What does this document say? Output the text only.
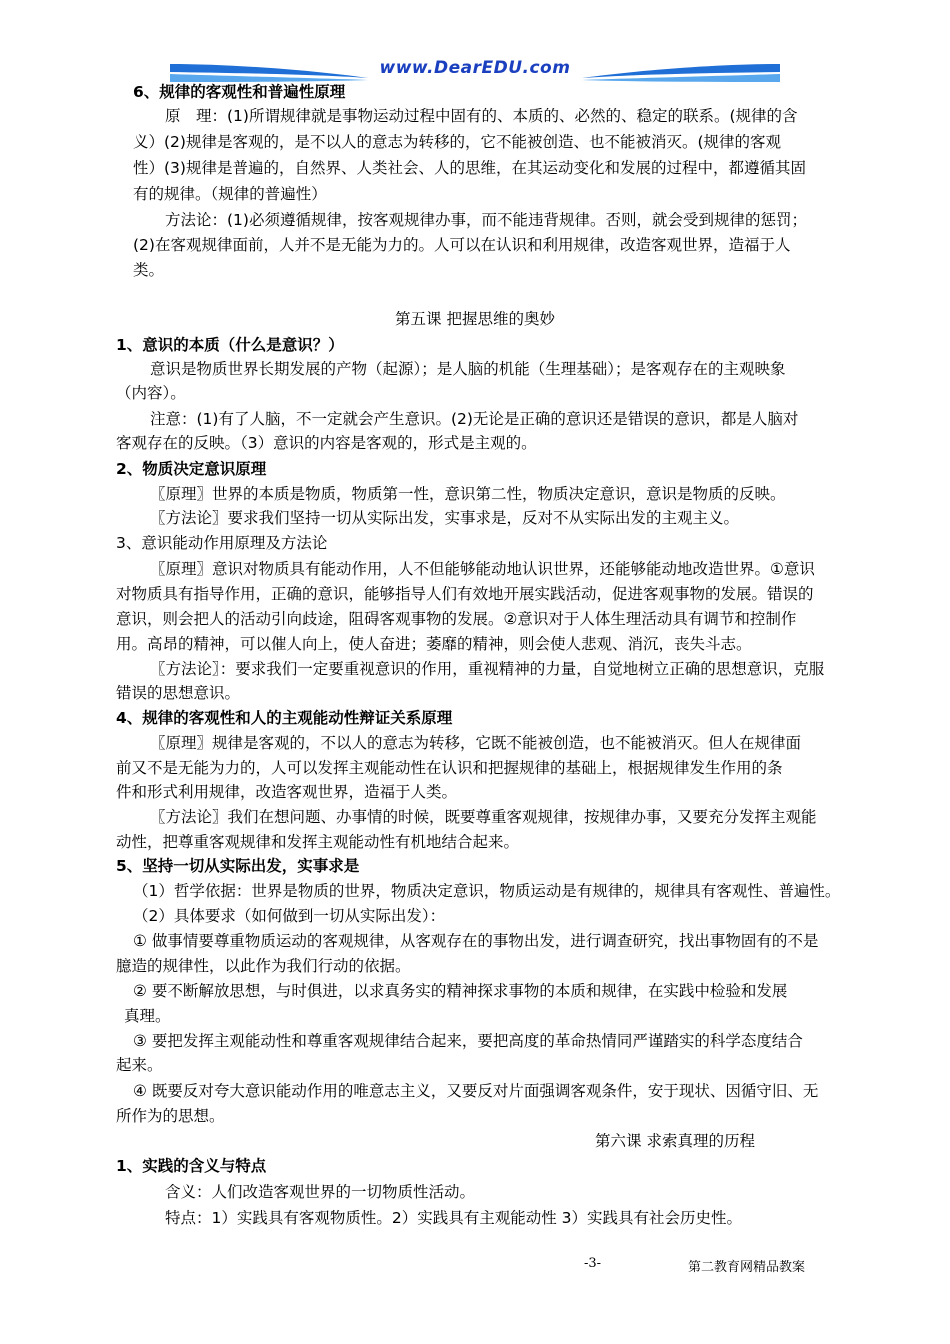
www.DearEDU.com
6、规律的客观性和普遍性原理
原　理：(1)所谓规律就是事物运动过程中固有的、本质的、必然的、稳定的联系。(规律的含
义）(2)规律是客观的，是不以人的意志为转移的，它不能被创造、也不能被消灭。(规律的客观
性）(3)规律是普遍的，自然界、人类社会、人的思维，在其运动变化和发展的过程中，都遵循其固
有的规律。（规律的普遍性）
方法论：(1)必须遵循规律，按客观规律办事，而不能违背规律。否则，就会受到规律的惩罚；
(2)在客观规律面前，人并不是无能为力的。人可以在认识和利用规律，改造客观世界，造福于人
类。
第五课 把握思维的奥妙
1、意识的本质（什么是意识？）
意识是物质世界长期发展的产物（起源）；是人脑的机能（生理基础）；是客观存在的主观映象
（内容）。
注意：(1)有了人脑，不一定就会产生意识。(2)无论是正确的意识还是错误的意识，都是人脑对
客观存在的反映。（3）意识的内容是客观的，形式是主观的。
2、物质决定意识原理
〖原理〗世界的本质是物质，物质第一性，意识第二性，物质决定意识，意识是物质的反映。
〖方法论〗要求我们坚持一切从实际出发，实事求是，反对不从实际出发的主观主义。
3、意识能动作用原理及方法论
〖原理〗意识对物质具有能动作用，人不但能够能动地认识世界，还能够能动地改造世界。①意识
对物质具有指导作用，正确的意识，能够指导人们有效地开展实践活动，促进客观事物的发展。错误的
意识，则会把人的活动引向歧途，阻碍客观事物的发展。②意识对于人体生理活动具有调节和控制作
用。高昂的精神，可以催人向上，使人奋进；萎靡的精神，则会使人悲观、消沉，丧失斗志。
〖方法论〗：要求我们一定要重视意识的作用，重视精神的力量，自觉地树立正确的思想意识，克服
错误的思想意识。
4、规律的客观性和人的主观能动性辩证关系原理
〖原理〗规律是客观的，不以人的意志为转移，它既不能被创造，也不能被消灭。但人在规律面
前又不是无能为力的，人可以发挥主观能动性在认识和把握规律的基础上，根据规律发生作用的条
件和形式利用规律，改造客观世界，造福于人类。
〖方法论〗我们在想问题、办事情的时候，既要尊重客观规律，按规律办事，又要充分发挥主观能
动性，把尊重客观规律和发挥主观能动性有机地结合起来。
5、坚持一切从实际出发，实事求是
（1）哲学依据：世界是物质的世界，物质决定意识，物质运动是有规律的，规律具有客观性、普遍性。
（2）具体要求（如何做到一切从实际出发）：
① 做事情要尊重物质运动的客观规律，从客观存在的事物出发，进行调查研究，找出事物固有的不是
臆造的规律性，以此作为我们行动的依据。
② 要不断解放思想，与时俱进，以求真务实的精神探求事物的本质和规律，在实践中检验和发展
真理。
③ 要把发挥主观能动性和尊重客观规律结合起来，要把高度的革命热情同严谨踏实的科学态度结合
起来。
④ 既要反对夸大意识能动作用的唯意志主义，又要反对片面强调客观条件，安于现状、因循守旧、无
所作为的思想。
第六课 求索真理的历程
1、实践的含义与特点
含义：人们改造客观世界的一切物质性活动。
特点：1）实践具有客观物质性。2）实践具有主观能动性 3）实践具有社会历史性。
-3-	第二教育网精品教案
